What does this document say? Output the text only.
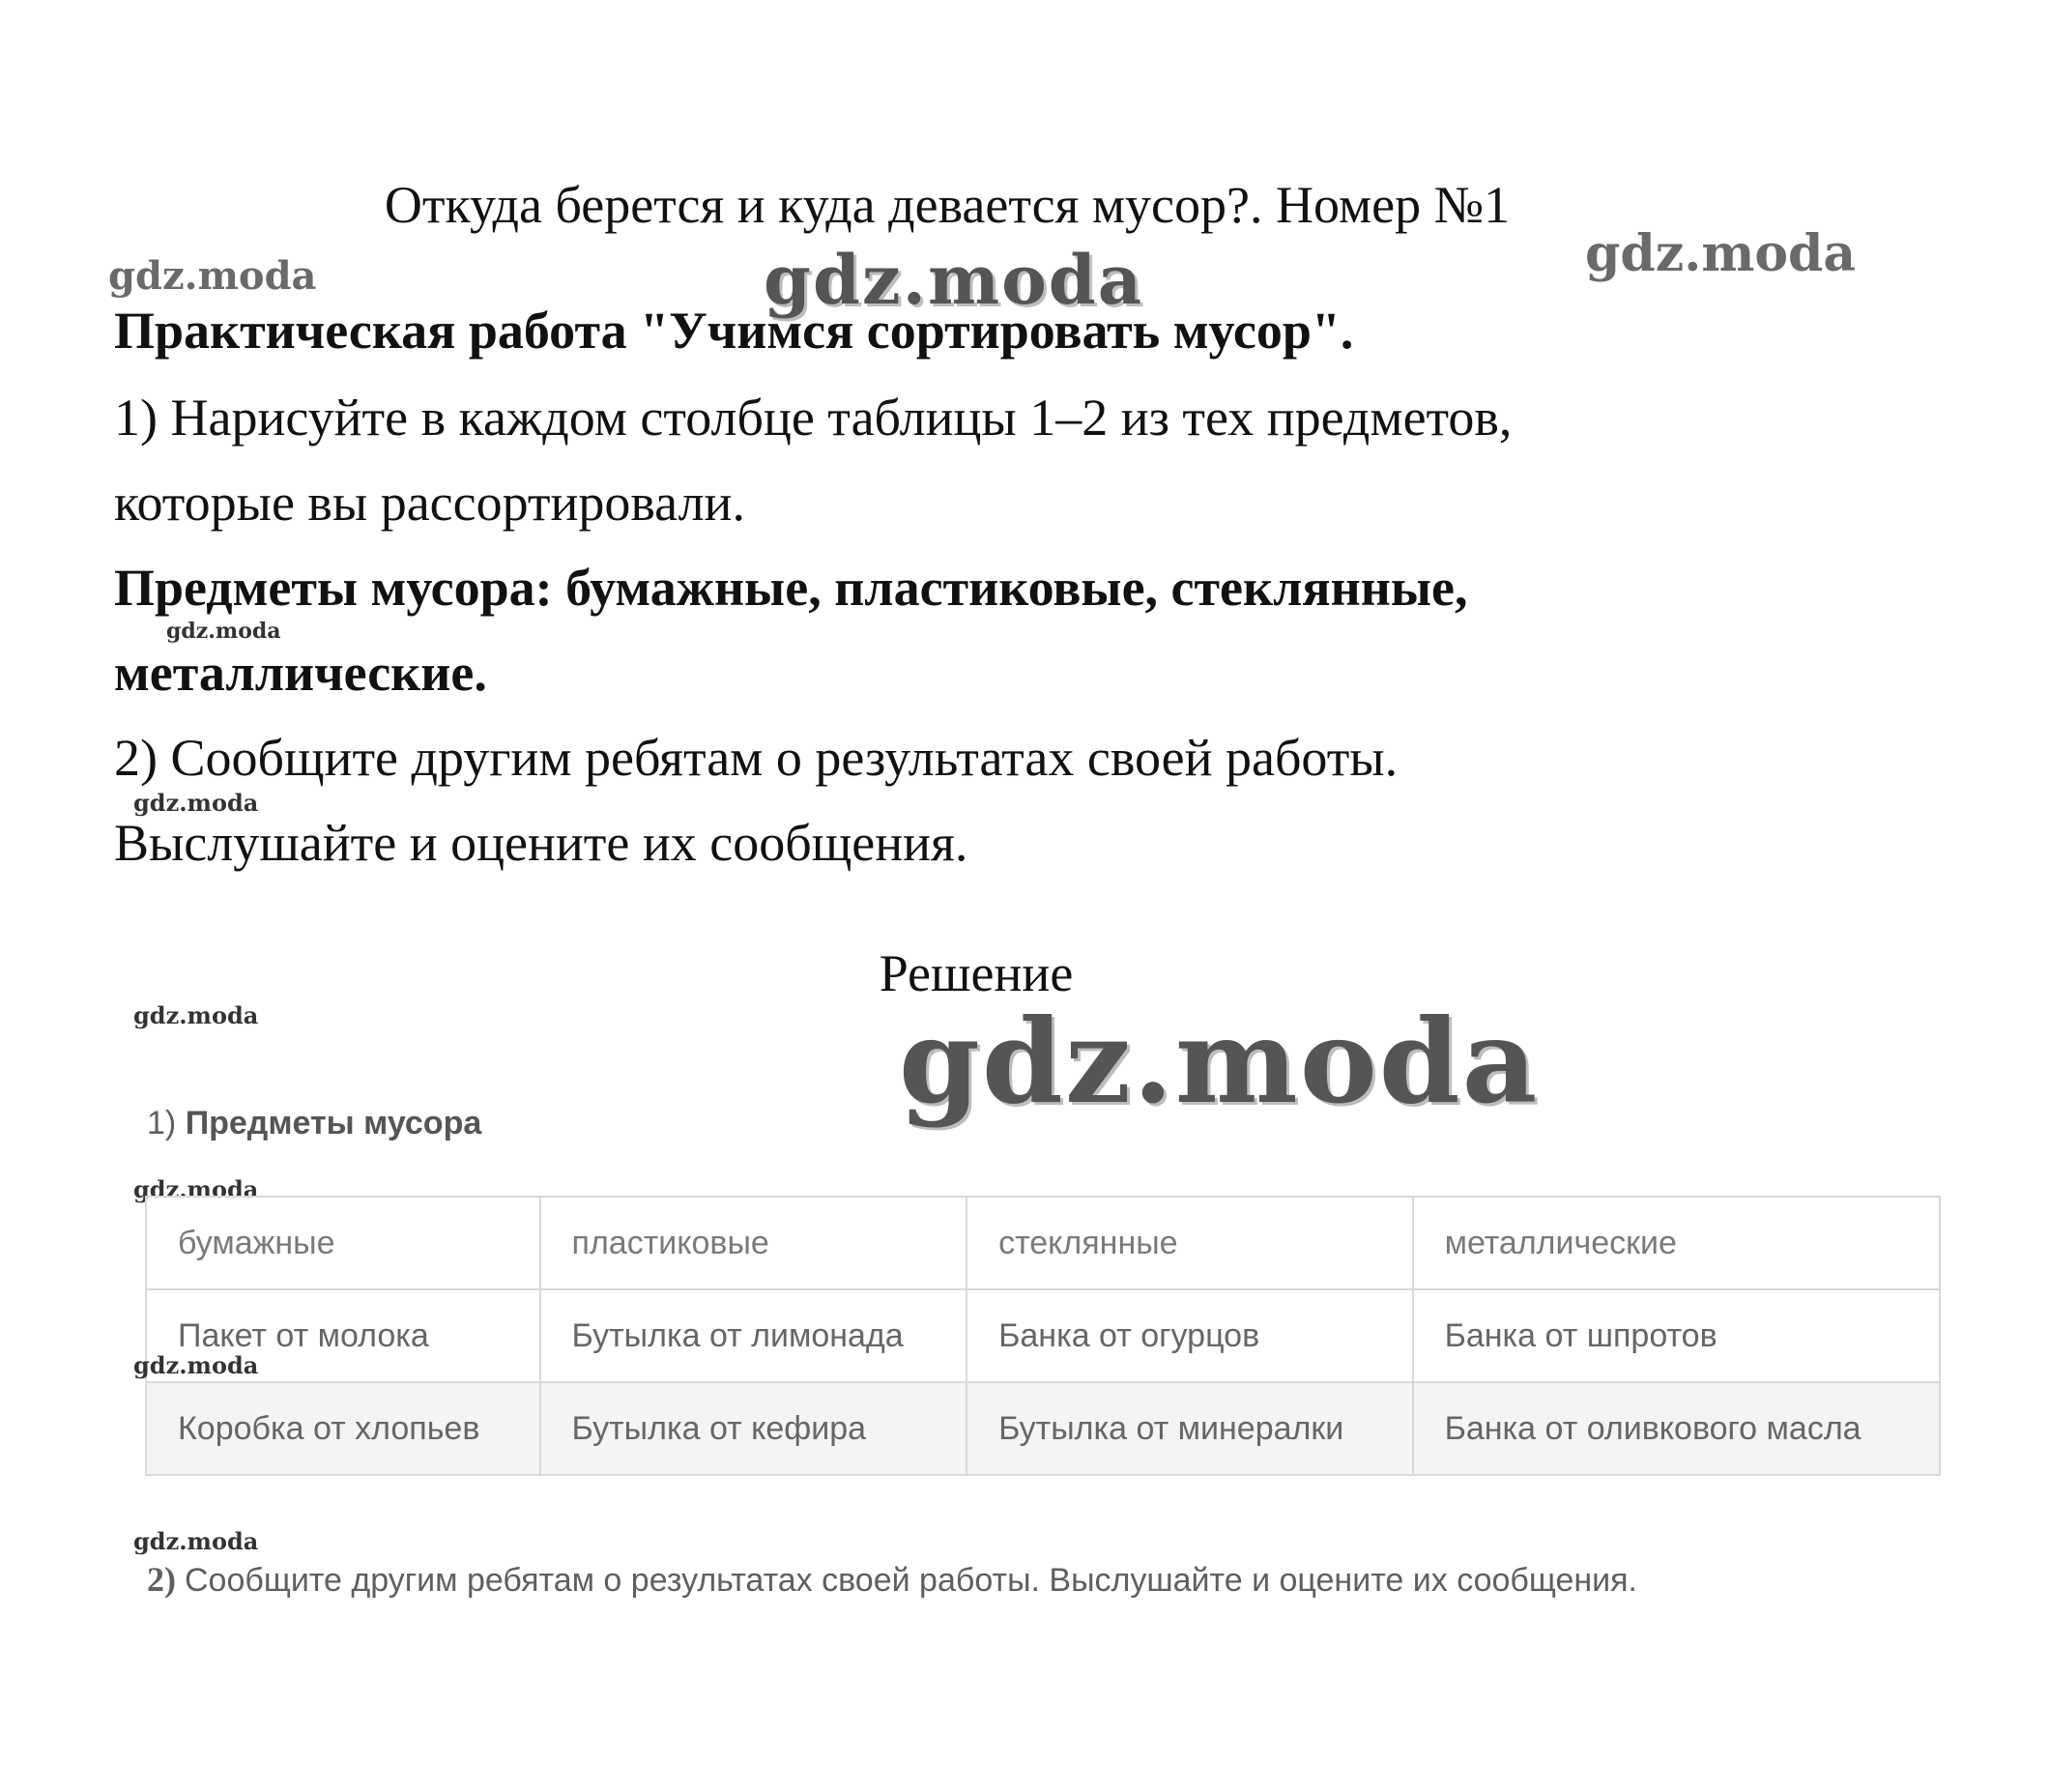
Откуда берется и куда девается мусор?. Номер №1
gdz.moda	gdz.moda	gdz.moda
Практическая работа "Учимся сортировать мусор".
1) Нарисуйте в каждом столбце таблицы 1–2 из тех предметов,
которые вы рассортировали.
Предметы мусора: бумажные, пластиковые, стеклянные,
gdz.moda
металлические.
2) Сообщите другим ребятам о результатах своей работы.
gdz.moda
Выслушайте и оцените их сообщения.
Решение
gdz.moda
gdz.moda
1) Предметы мусора
gdz.moda
бумажные	пластиковые	стеклянные	металлические
Пакет от молока	Бутылка от лимонада	Банка от огурцов	Банка от шпротов
Коробка от хлопьев	Бутылка от кефира	Бутылка от минералки	Банка от оливкового масла
gdz.moda
gdz.moda
2) Сообщите другим ребятам о результатах своей работы. Выслушайте и оцените их сообщения.
